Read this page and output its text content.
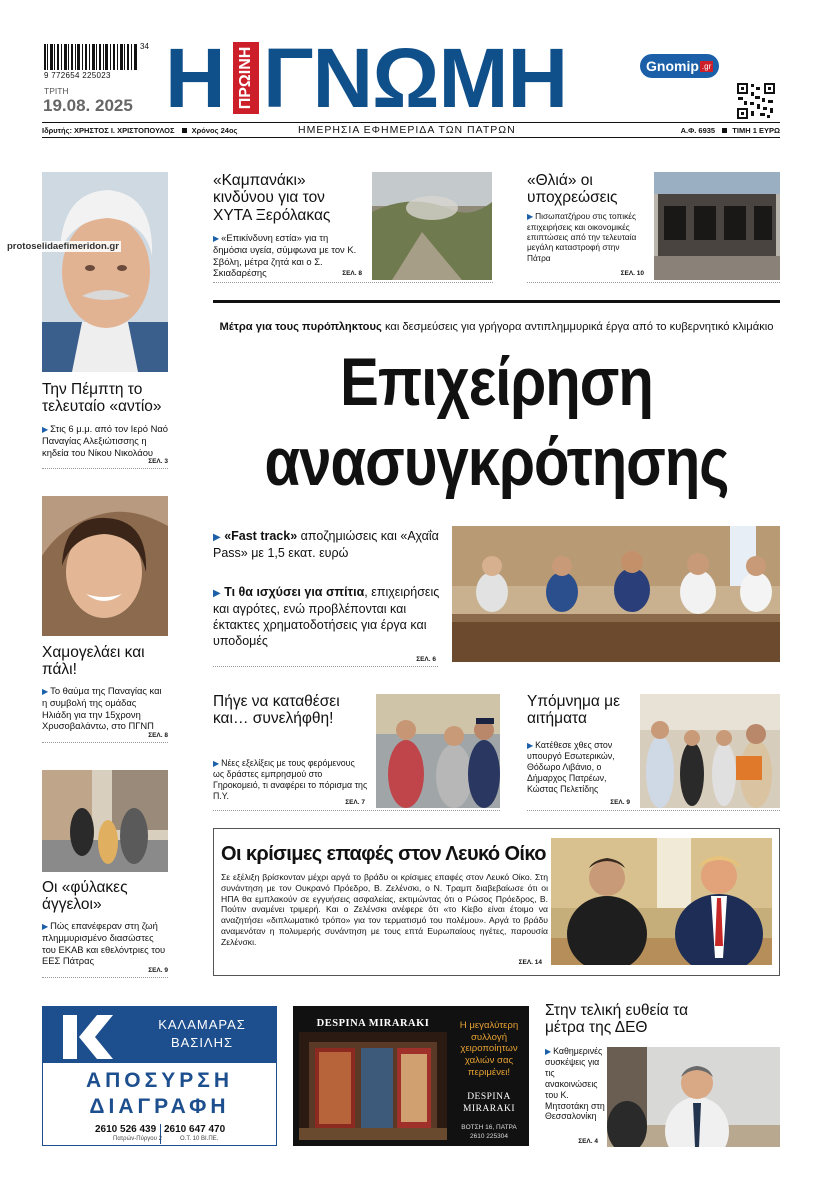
34
9 772654 225023
ΤΡΙΤΗ
19.08. 2025 Η ΠΡΩΙΝΗ ΓΝΩΜΗ	Gnomip .gr
Ιδρυτής: ΧΡΗΣΤΟΣ Ι. ΧΡΙΣΤΟΠΟΥΛΟΣ Χρόνος 24ος	ΗΜΕΡΗΣΙΑ ΕΦΗΜΕΡΙΔΑ ΤΩΝ ΠΑΤΡΩΝ	Α.Φ. 6935 ΤΙΜΗ 1 ΕΥΡΩ
protoselidaefimeridon.gr
Την Πέμπτη το τελευταίο «αντίο»
▶ Στις 6 μ.μ. από τον Ιερό Ναό Παναγίας Αλεξιώτισσης η κηδεία του Νίκου Νικολάου
ΣΕΛ. 3
Χαμογελάει και πάλι!
▶ Το θαύμα της Παναγίας και η συμβολή της ομάδας Ηλιάδη για την 15χρονη Χρυσοβαλάντω, στο ΠΓΝΠ
ΣΕΛ. 8
Οι «φύλακες άγγελοι»
▶ Πώς επανέφεραν στη ζωή πλημμυρισμένο διασώστες του ΕΚΑΒ και εθελόντριες του ΕΕΣ Πάτρας
ΣΕΛ. 9
«Καμπανάκι» κινδύνου για τον ΧΥΤΑ Ξερόλακας
▶ «Επικίνδυνη εστία» για τη δημόσια υγεία, σύμφωνα με τον Κ. Σβόλη, μέτρα ζητά και ο Σ. Σκιαδαρέσης	ΣΕΛ. 8
«Θλιά» οι υποχρεώσεις
▶ Πισωπατζήρου στις τοπικές επιχειρήσεις και οικονομικές επιπτώσεις από την τελευταία μεγάλη καταστροφή στην Πάτρα
ΣΕΛ. 10
Μέτρα για τους πυρόπληκτους και δεσμεύσεις για γρήγορα αντιπλημμυρικά έργα από το κυβερνητικό κλιμάκιο
Επιχείρηση
ανασυγκρότησης
▶ «Fast track» αποζημιώσεις και «Αχαΐα Pass» με 1,5 εκατ. ευρώ
▶ Τι θα ισχύσει για σπίτια, επιχειρήσεις και αγρότες, ενώ προβλέπονται και έκτακτες χρηματοδοτήσεις για έργα και υποδομές
ΣΕΛ. 6
Πήγε να καταθέσει και… συνελήφθη!
▶ Νέες εξελίξεις με τους φερόμενους ως δράστες εμπρησμού στο Γηροκομειό, τι αναφέρει το πόρισμα της Π.Υ.
ΣΕΛ. 7
Υπόμνημα με αιτήματα
▶ Κατέθεσε χθες στον υπουργό Εσωτερικών, Θόδωρο Λιβάνιο, ο Δήμαρχος Πατρέων, Κώστας Πελετίδης
ΣΕΛ. 9
Οι κρίσιμες επαφές στον Λευκό Οίκο
Σε εξέλιξη βρίσκονταν μέχρι αργά το βράδυ οι κρίσιμες επαφές στον Λευκό Οίκο. Στη συνάντηση με τον Ουκρανό Πρόεδρο, Β. Ζελένσκι, ο Ν. Τραμπ διαβεβαίωσε ότι οι ΗΠΑ θα εμπλακούν σε εγγυήσεις ασφαλείας, εκτιμώντας ότι ο Ρώσος Πρόεδρος, Β. Πούτιν αναμένει τριμερή. Και ο Ζελένσκι ανέφερε ότι «το Κίεβο είναι έτοιμο να αναζητήσει «διπλωματικό τρόπο» για τον τερματισμό του πολέμου». Αργά το βράδυ αναμενόταν η πολυμερής συνάντηση με τους επτά Ευρωπαίους ηγέτες, παρουσία Ζελένσκι.
ΣΕΛ. 14
ΚΑΛΑΜΑΡΑΣ
ΒΑΣΙΛΗΣ
ΑΠΟΣΥΡΣΗ
ΔΙΑΓΡΑΦΗ
2610 526 439
Πατρών-Πύργου 2
2610 647 470
Ο.Τ. 10 ΒΙ.ΠΕ.
DESPINA MIRARAKI	Η μεγαλύτερη συλλογή χειροποίητων χαλιών σας περιμένει!
DESPINA
MIRARAKI
ΒΟΤΣΗ 16, ΠΑΤΡΑ
2610 225304
Στην τελική ευθεία τα μέτρα της ΔΕΘ
▶ Καθημερινές συσκέψεις για τις ανακοινώσεις του Κ. Μητσοτάκη στη Θεσσαλονίκη
ΣΕΛ. 4
